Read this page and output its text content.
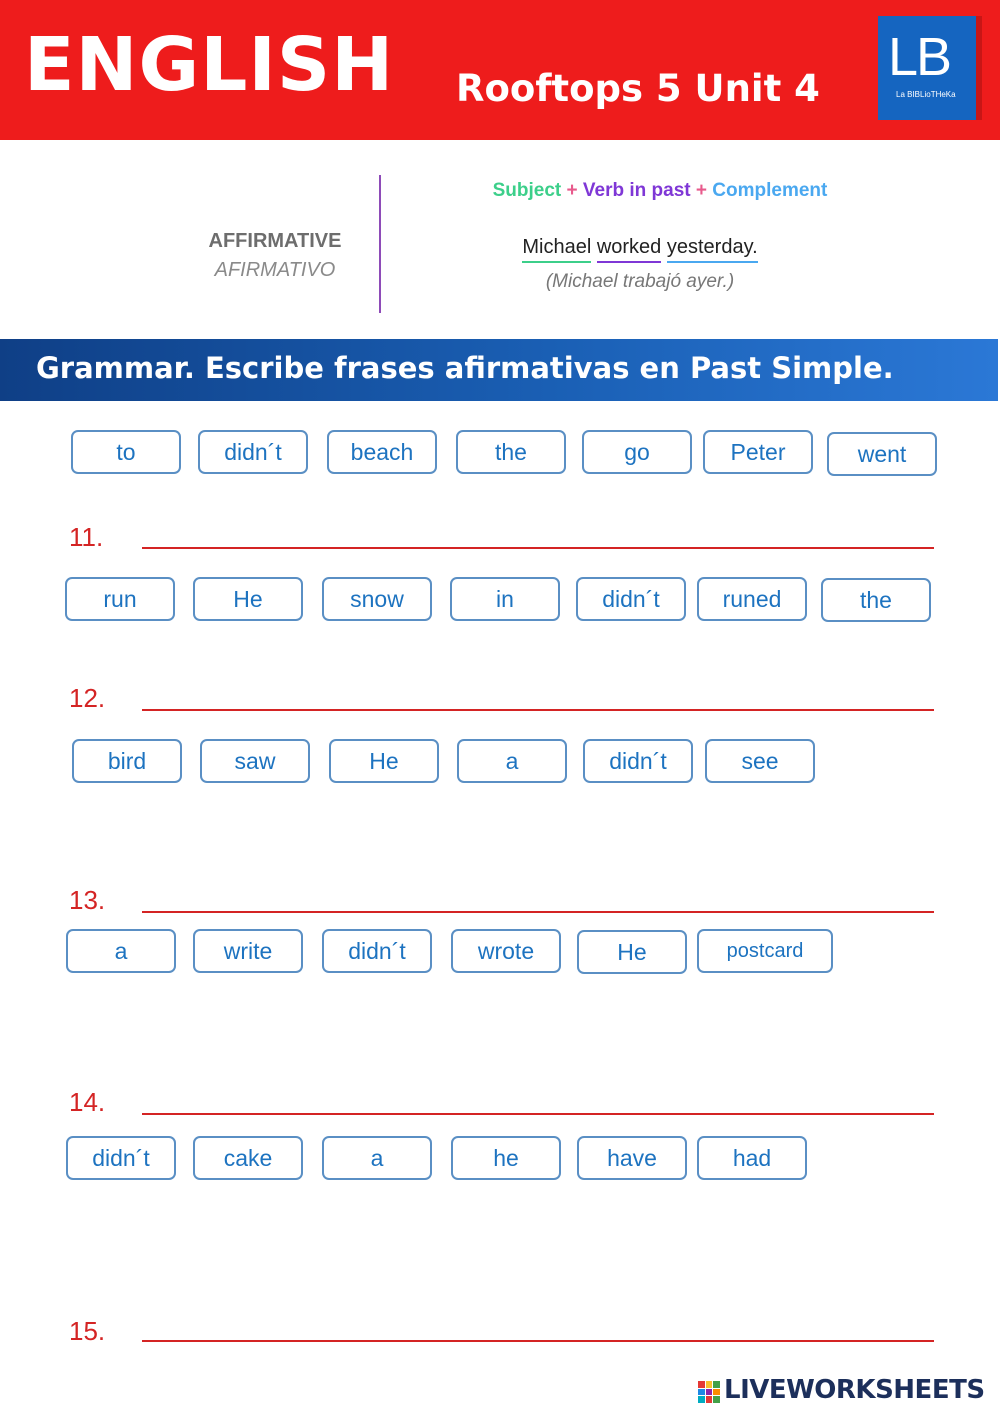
ENGLISH Rooftops 5 Unit 4
LB
La BIBLioTHeKa
AFFIRMATIVE
AFIRMATIVO
Subject + Verb in past + Complement
Michael worked yesterday.
(Michael trabajó ayer.)
Grammar. Escribe frases afirmativas en Past Simple.
to	didn´t	beach	the	go	Peter	went
11.
run	He	snow	in	didn´t	runed	the
12.
bird	saw	He	a	didn´t	see
13.
a	write	didn´t	wrote	He	postcard
14.
didn´t	cake	a	he	have	had
15.
LIVEWORKSHEETS
